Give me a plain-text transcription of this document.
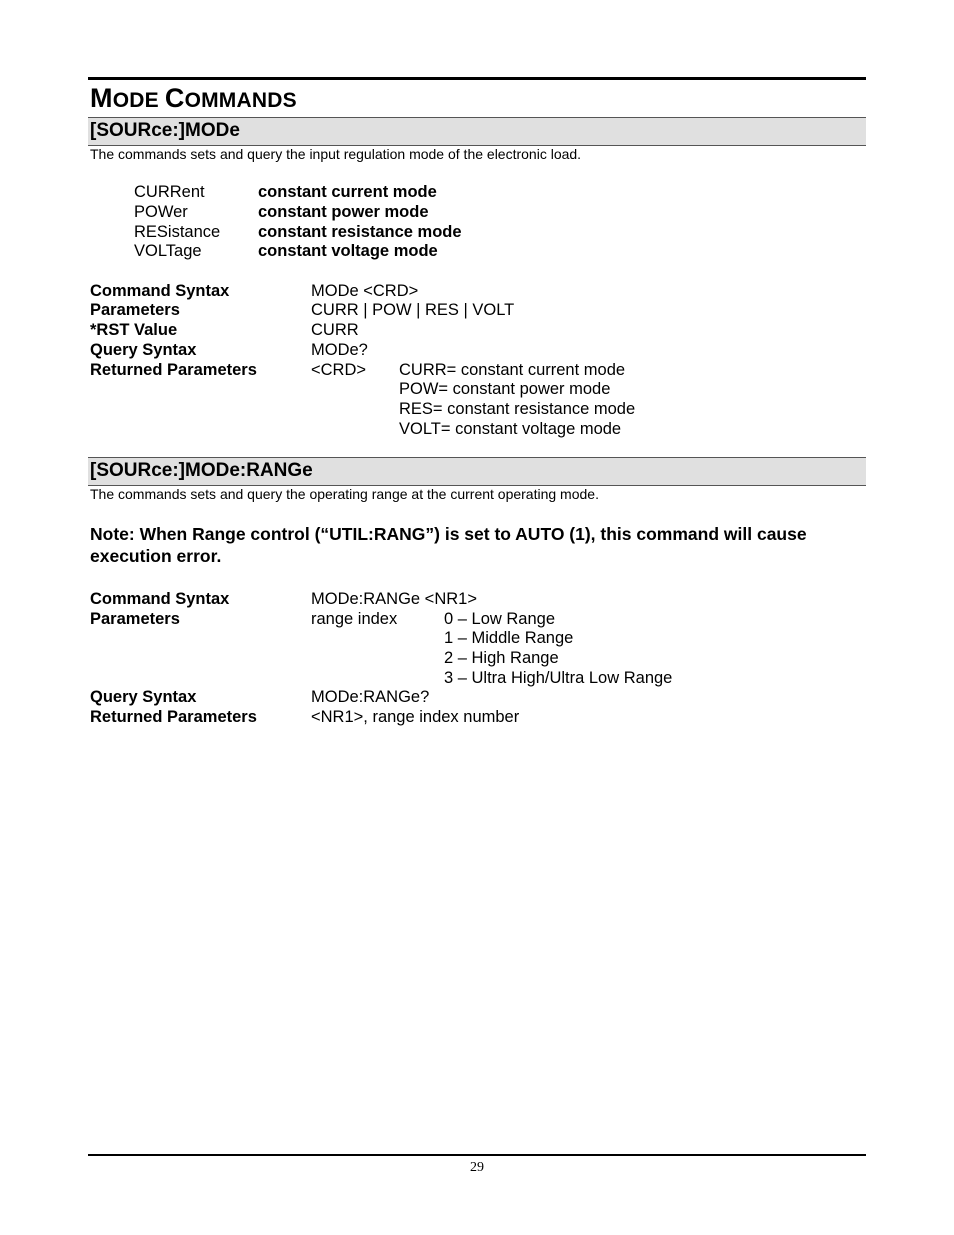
MODE COMMANDS
[SOURce:]MODe
The commands sets and query the input regulation mode of the electronic load.
CURRent	constant current mode
POWer	constant power mode
RESistance constant resistance mode
VOLTage	constant voltage mode
Command Syntax	MODe <CRD>
Parameters	CURR | POW | RES | VOLT
*RST Value	CURR
Query Syntax	MODe?
Returned Parameters	<CRD> CURR= constant current mode
POW= constant power mode
RES= constant resistance mode
VOLT= constant voltage mode
[SOURce:]MODe:RANGe
The commands sets and query the operating range at the current operating mode.
Note: When Range control (“UTIL:RANG”) is set to AUTO (1), this command will cause execution error.
Command Syntax	MODe:RANGe <NR1>
Parameters	range index	0 – Low Range
1 – Middle Range
2 – High Range
3 – Ultra High/Ultra Low Range
Query Syntax	MODe:RANGe?
Returned Parameters	<NR1>, range index number
29
